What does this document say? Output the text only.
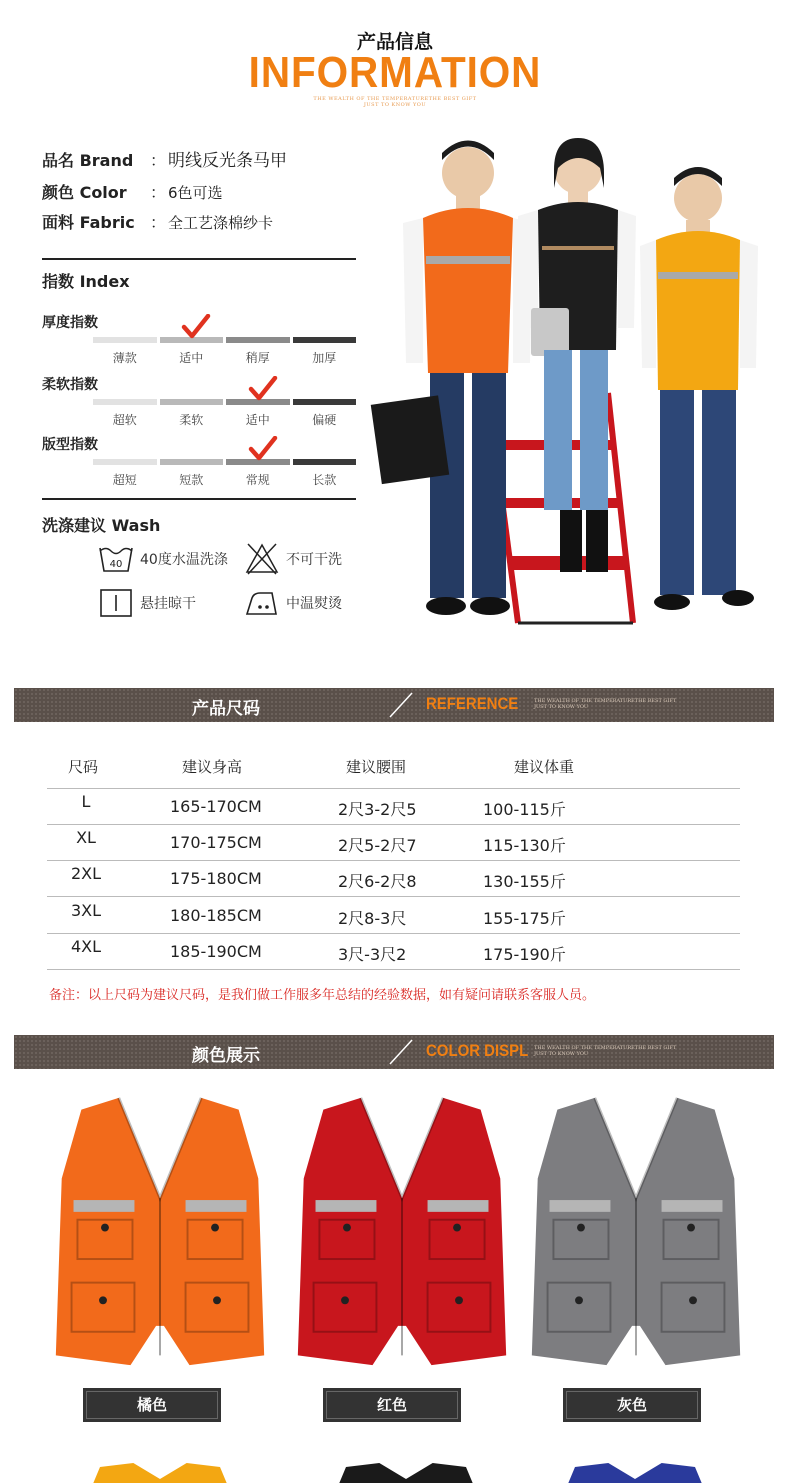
产品信息
INFORMATION
THE WEALTH OF THE TEMPERATURETHE BEST GIFT
JUST TO KNOW YOU
品名 Brand ： 明线反光条马甲
颜色 Color ： 6色可选
面料 Fabric ： 全工艺涤棉纱卡
指数 Index
厚度指数
薄款	适中	稍厚	加厚
柔软指数
超软	柔软	适中	偏硬
版型指数
超短	短款	常规	长款
洗涤建议 Wash
40 40度水温洗涤	不可干洗
悬挂晾干	中温熨烫
产品尺码	REFERENCE	THE WEALTH OF THE TEMPERATURETHE BEST GIFT
JUST TO KNOW YOU
尺码	建议身高	建议腰围	建议体重
L	165-170CM	2尺3-2尺5	100-115斤
XL	170-175CM	2尺5-2尺7	115-130斤
2XL	175-180CM	2尺6-2尺8	130-155斤
3XL	180-185CM	2尺8-3尺	155-175斤
4XL	185-190CM	3尺-3尺2	175-190斤
备注：以上尺码为建议尺码，是我们做工作服多年总结的经验数据，如有疑问请联系客服人员。
颜色展示	COLOR DISPL THE WEALTH OF THE TEMPERATURETHE BEST GIFT
JUST TO KNOW YOU
橘色	红色	灰色
